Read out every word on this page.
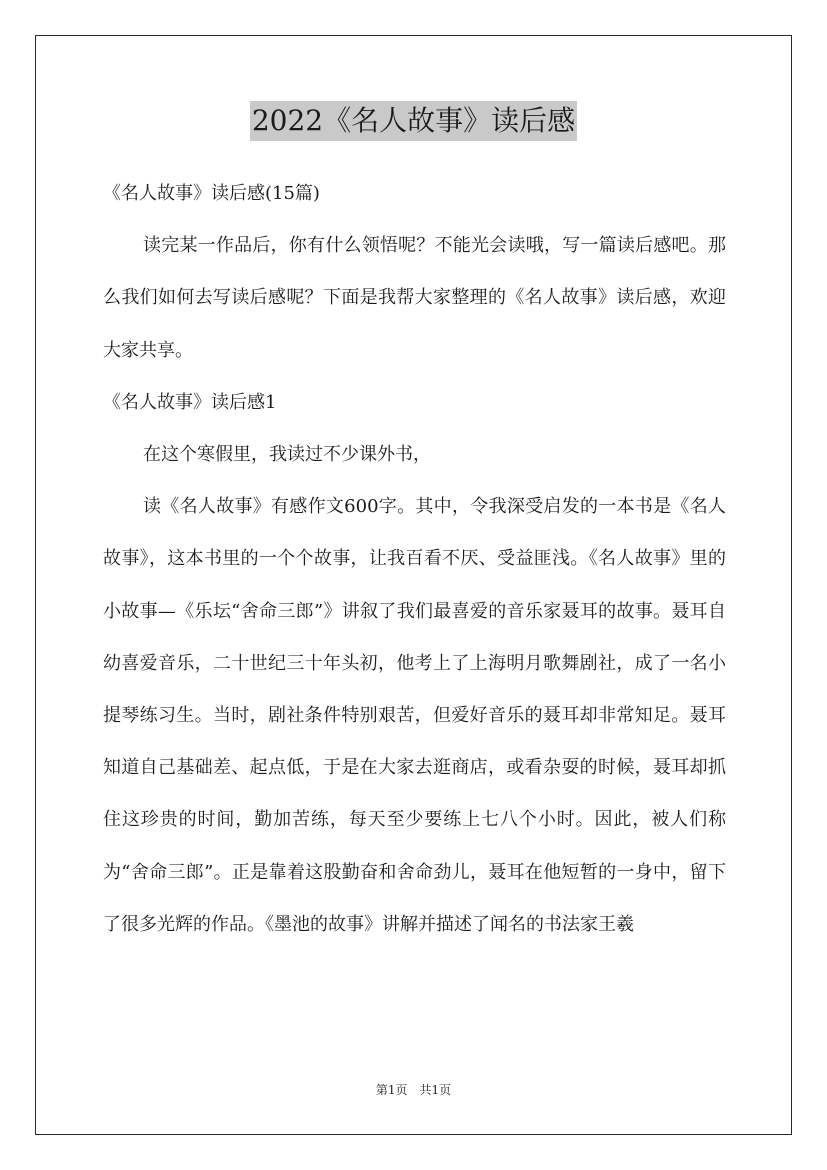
2022《名人故事》读后感

《名人故事》读后感(15篇)

读完某一作品后，你有什么领悟呢？不能光会读哦，写一篇读后感吧。那么我们如何去写读后感呢？下面是我帮大家整理的《名人故事》读后感，欢迎大家共享。

《名人故事》读后感1

在这个寒假里，我读过不少课外书，

读《名人故事》有感作文600字。其中，令我深受启发的一本书是《名人故事》，这本书里的一个个故事，让我百看不厌、受益匪浅。《名人故事》里的小故事—《乐坛“舍命三郎”》讲叙了我们最喜爱的音乐家聂耳的故事。聂耳自幼喜爱音乐，二十世纪三十年头初，他考上了上海明月歌舞剧社，成了一名小提琴练习生。当时，剧社条件特别艰苦，但爱好音乐的聂耳却非常知足。聂耳知道自己基础差、起点低，于是在大家去逛商店，或看杂耍的时候，聂耳却抓住这珍贵的时间，勤加苦练，每天至少要练上七八个小时。因此，被人们称为“舍命三郎”。正是靠着这股勤奋和舍命劲儿，聂耳在他短暂的一身中，留下了很多光辉的作品。《墨池的故事》讲解并描述了闻名的书法家王羲

第1页　共1页
